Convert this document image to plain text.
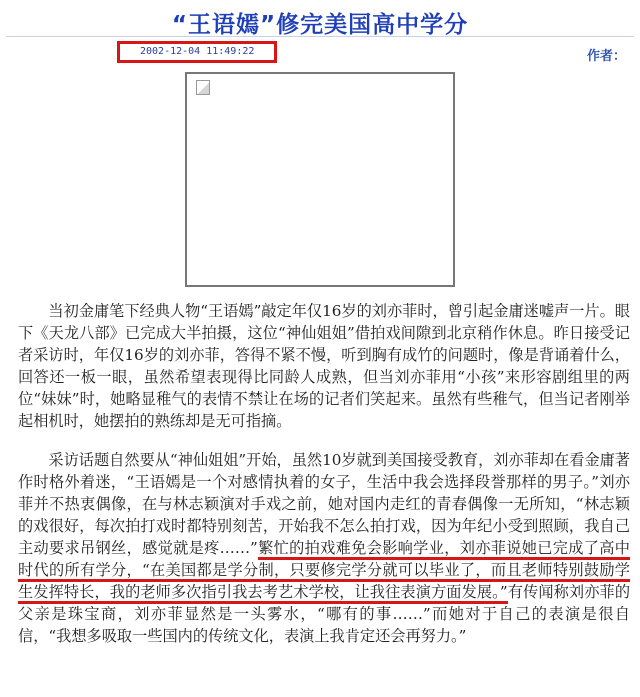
“王语嫣”修完美国高中学分
2002-12-04 11:49:22	作者：

当初金庸笔下经典人物“王语嫣”敲定年仅16岁的刘亦菲时，曾引起金庸迷嘘声一片。眼下《天龙八部》已完成大半拍摄，这位“神仙姐姐”借拍戏间隙到北京稍作休息。昨日接受记者采访时，年仅16岁的刘亦菲，答得不紧不慢，听到胸有成竹的问题时，像是背诵着什么，回答还一板一眼，虽然希望表现得比同龄人成熟，但当刘亦菲用“小孩”来形容剧组里的两位“妹妹”时，她略显稚气的表情不禁让在场的记者们笑起来。虽然有些稚气，但当记者刚举起相机时，她摆拍的熟练却是无可指摘。

采访话题自然要从“神仙姐姐”开始，虽然10岁就到美国接受教育，刘亦菲却在看金庸著作时格外着迷，“王语嫣是一个对感情执着的女子，生活中我会选择段誉那样的男子。”刘亦菲并不热衷偶像，在与林志颖演对手戏之前，她对国内走红的青春偶像一无所知，“林志颖的戏很好，每次拍打戏时都特别刻苦，开始我不怎么拍打戏，因为年纪小受到照顾，我自己主动要求吊钢丝，感觉就是疼……”繁忙的拍戏难免会影响学业，刘亦菲说她已完成了高中时代的所有学分，“在美国都是学分制，只要修完学分就可以毕业了，而且老师特别鼓励学生发挥特长，我的老师多次指引我去考艺术学校，让我往表演方面发展。”有传闻称刘亦菲的父亲是珠宝商，刘亦菲显然是一头雾水，“哪有的事……”而她对于自己的表演是很自信，“我想多吸取一些国内的传统文化，表演上我肯定还会再努力。”
